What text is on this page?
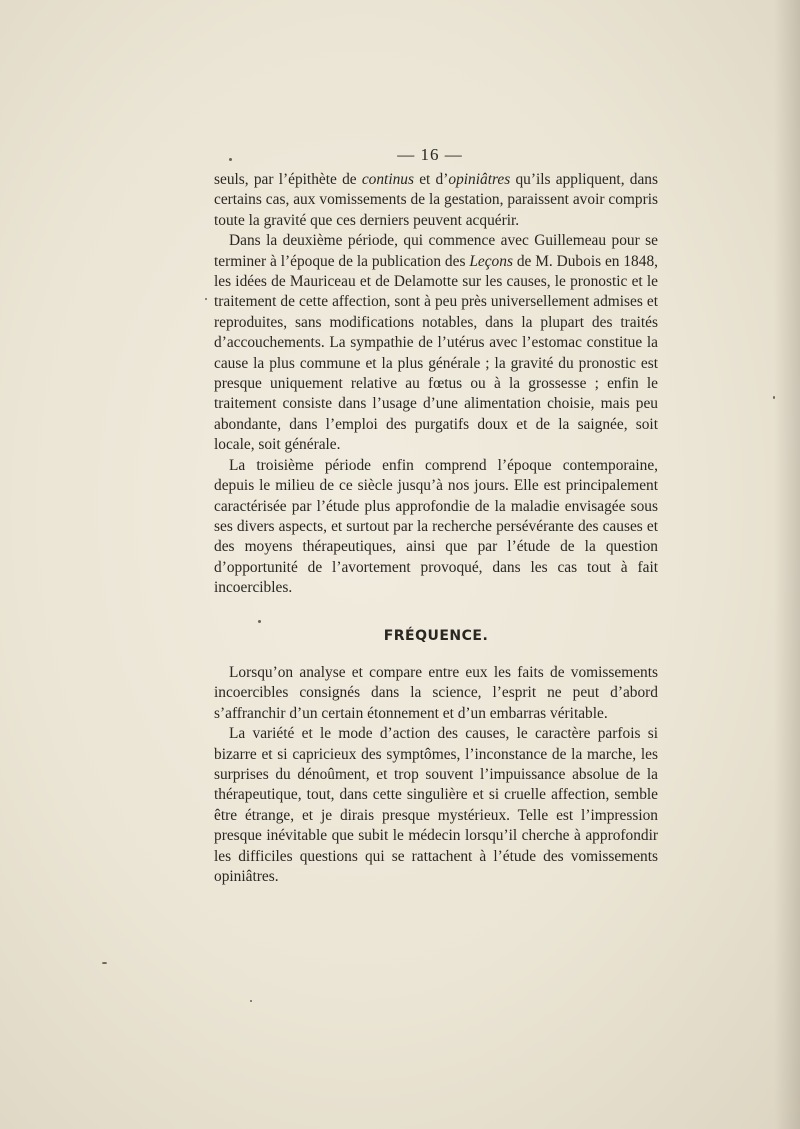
— 16 —

seuls, par l’épithète de continus et d’opiniâtres qu’ils appliquent, dans certains cas, aux vomissements de la gestation, paraissent avoir compris toute la gravité que ces derniers peuvent acquérir.

Dans la deuxième période, qui commence avec Guillemeau pour se terminer à l’époque de la publication des Leçons de M. Dubois en 1848, les idées de Mauriceau et de Delamotte sur les causes, le pronostic et le traitement de cette affection, sont à peu près universellement admises et reproduites, sans modifications notables, dans la plupart des traités d’accouchements. La sympathie de l’utérus avec l’estomac constitue la cause la plus commune et la plus générale ; la gravité du pronostic est presque uniquement relative au fœtus ou à la grossesse ; enfin le traitement consiste dans l’usage d’une alimentation choisie, mais peu abondante, dans l’emploi des purgatifs doux et de la saignée, soit locale, soit générale.

La troisième période enfin comprend l’époque contemporaine, depuis le milieu de ce siècle jusqu’à nos jours. Elle est principalement caractérisée par l’étude plus approfondie de la maladie envisagée sous ses divers aspects, et surtout par la recherche persévérante des causes et des moyens thérapeutiques, ainsi que par l’étude de la question d’opportunité de l’avortement provoqué, dans les cas tout à fait incoercibles.

FRÉQUENCE.

Lorsqu’on analyse et compare entre eux les faits de vomissements incoercibles consignés dans la science, l’esprit ne peut d’abord s’affranchir d’un certain étonnement et d’un embarras véritable.

La variété et le mode d’action des causes, le caractère parfois si bizarre et si capricieux des symptômes, l’inconstance de la marche, les surprises du dénoûment, et trop souvent l’impuissance absolue de la thérapeutique, tout, dans cette singulière et si cruelle affection, semble être étrange, et je dirais presque mystérieux. Telle est l’impression presque inévitable que subit le médecin lorsqu’il cherche à approfondir les difficiles questions qui se rattachent à l’étude des vomissements opiniâtres.
